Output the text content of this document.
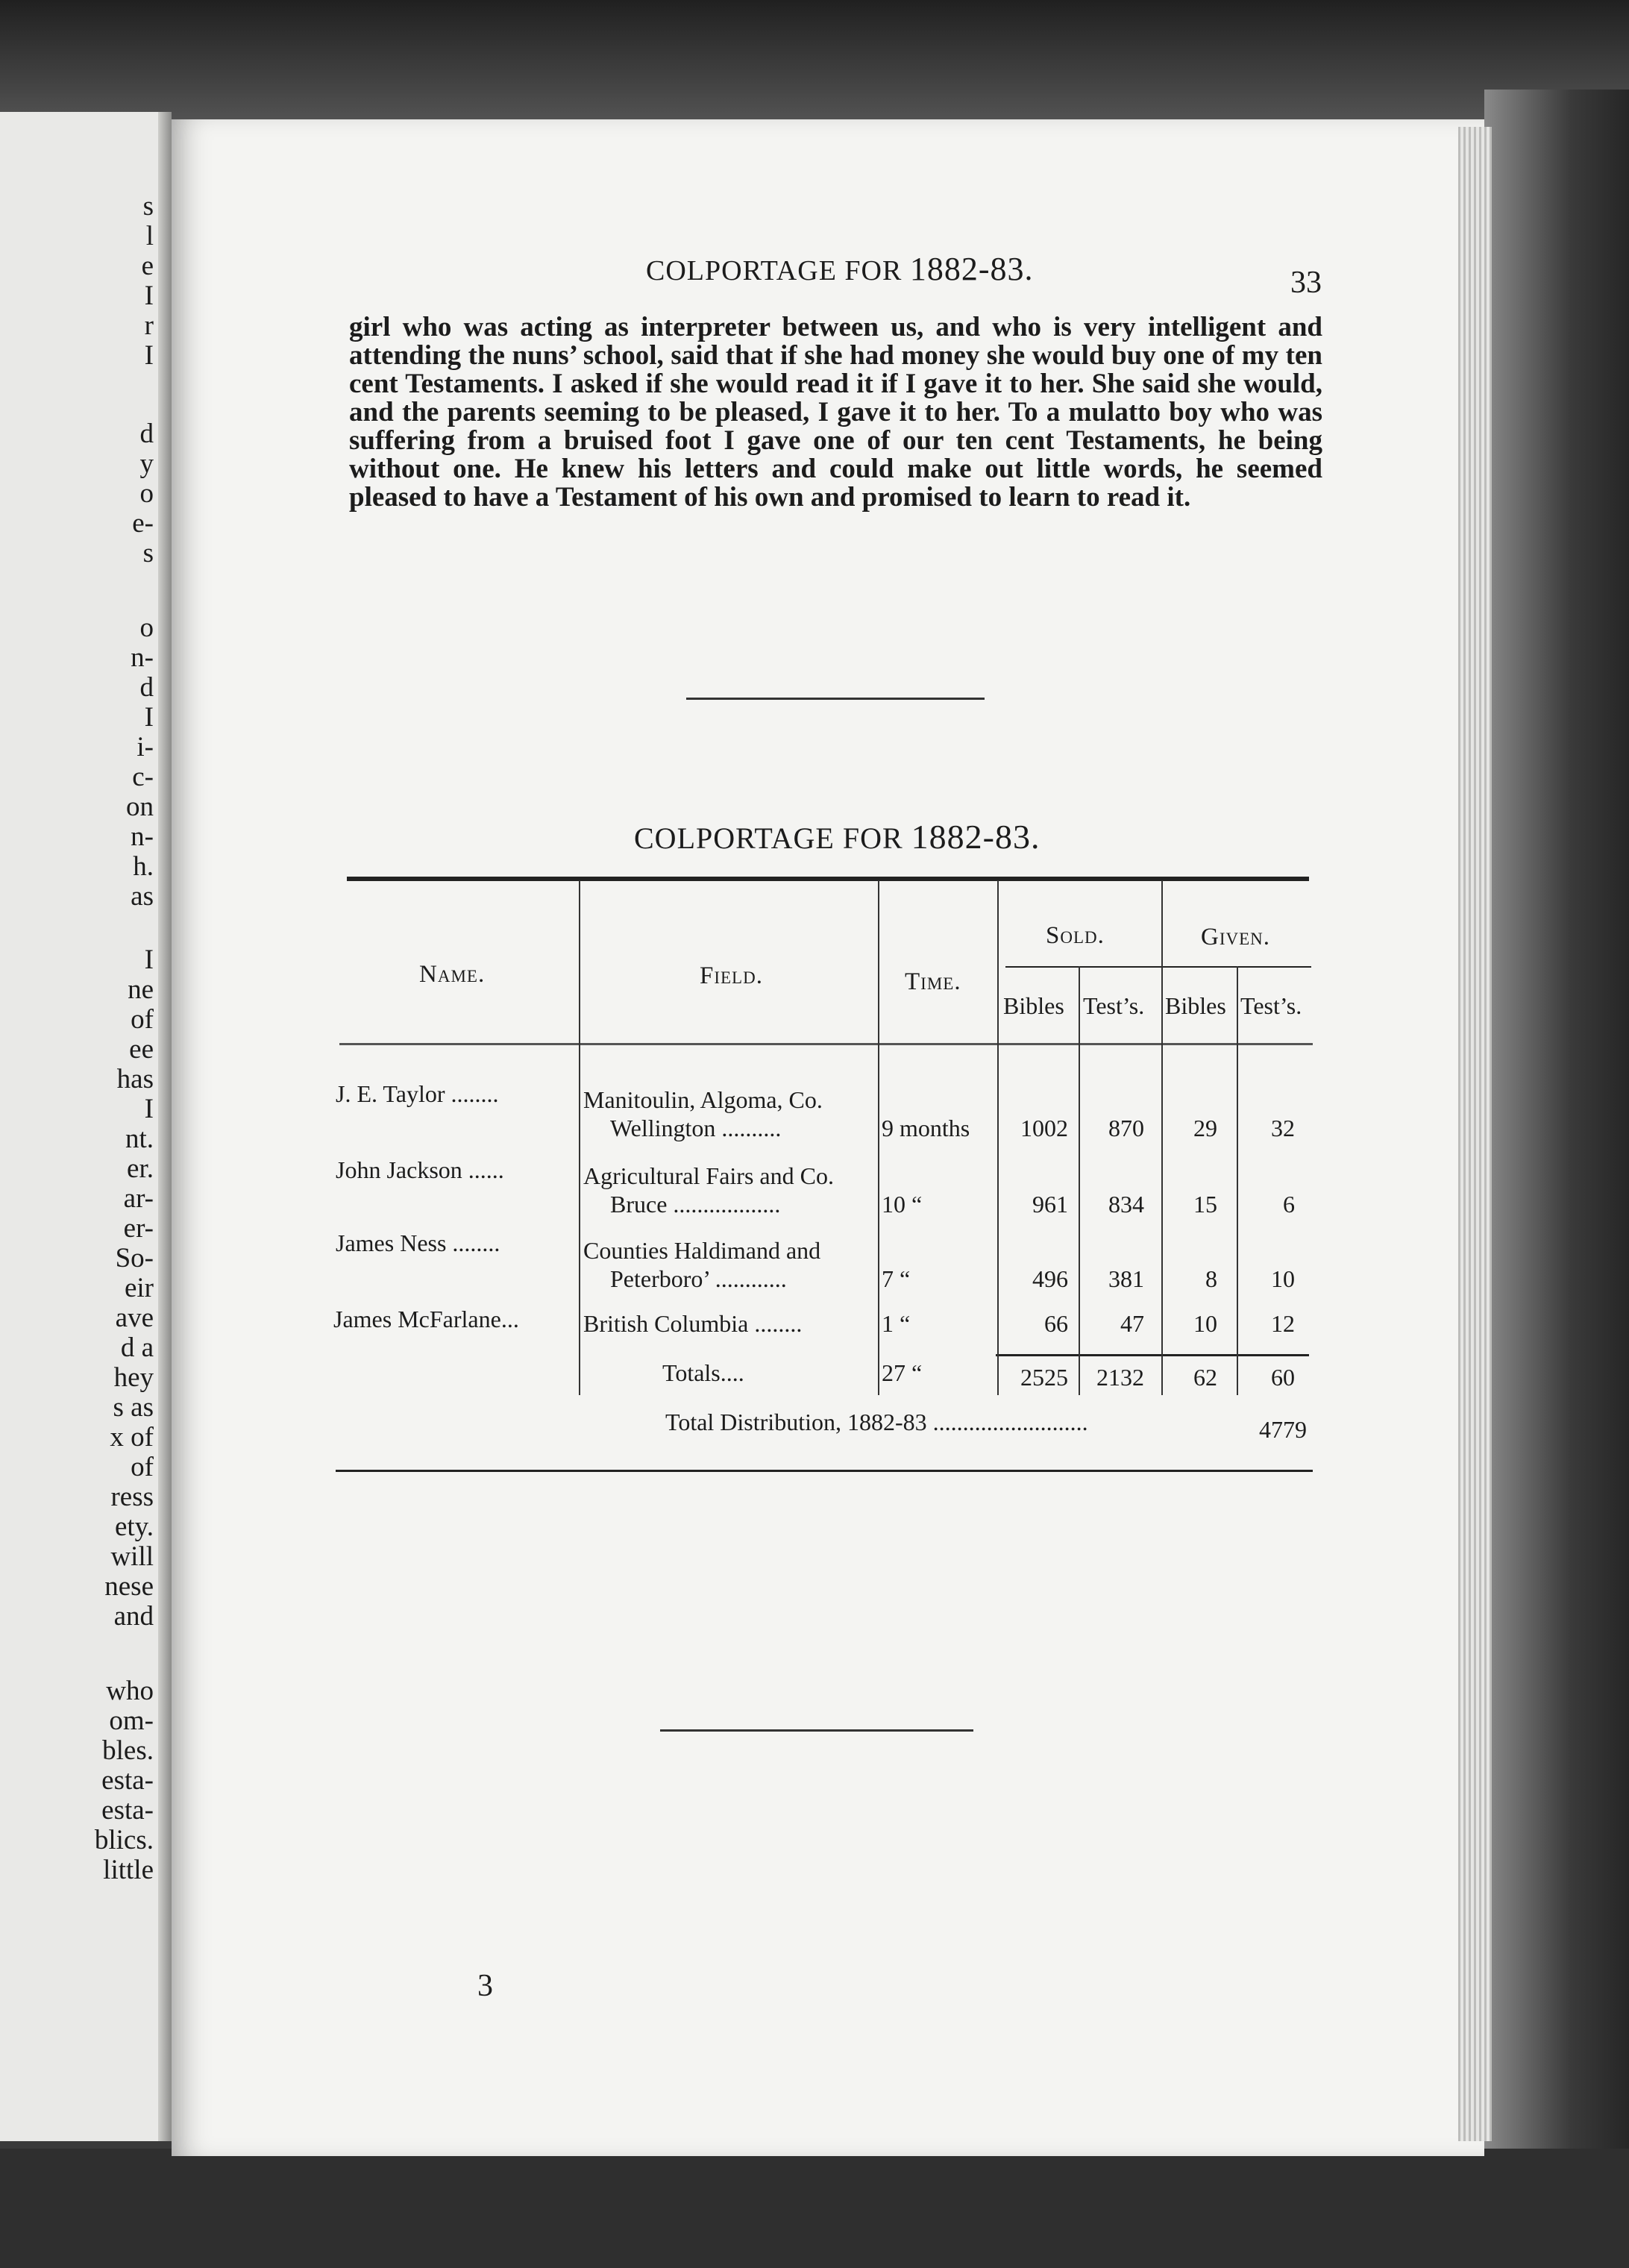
s
l
e
I
r
I
d
y
o
e-
s
o
n-
d
I
i-
c-
on
n-
h.
as
I
ne
of
ee
has
I
nt.
er.
ar-
er-
So-
eir
ave
d a
hey
s as
x of
of
ress
ety.
will
nese
and
who
om-
bles.
esta-
esta-
blics.
little
COLPORTAGE FOR 1882-83.	33

girl who was acting as interpreter between us, and who is very intelligent and attending the nuns’ school, said that if she had money she would buy one of my ten cent Testaments. I asked if she would read it if I gave it to her. She said she would, and the parents seeming to be pleased, I gave it to her. To a mulatto boy who was suffering from a bruised foot I gave one of our ten cent Testaments, he being without one. He knew his letters and could make out little words, he seemed pleased to have a Testament of his own and promised to learn to read it.

COLPORTAGE FOR 1882-83.
Name.	Field.	Time.
Sold.	Given.
Bibles Test’s. Bibles Test’s.
J. E. Taylor ........	Manitoulin, Algoma, Co.
Wellington ..........	9 months	1002	870	29	32
John Jackson ......	Agricultural Fairs and Co.
Bruce ..................	10 “	961	834	15	6
James Ness ........	Counties Haldimand and
Peterboro’ ............	7 “	496	381	8	10
James McFarlane...	British Columbia ........	1 “	66	47	10	12
Totals....	27 “	2525	2132	62	60
Total Distribution, 1882-83 ..........................	4779
3
